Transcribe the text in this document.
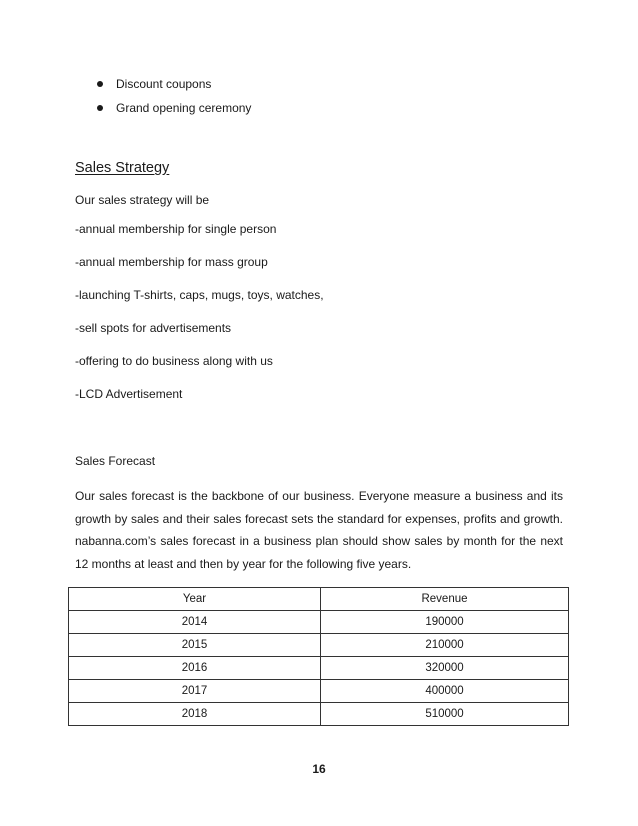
Discount coupons
Grand opening ceremony
Sales Strategy

Our sales strategy will be

-annual membership for single person

-annual membership for mass group

-launching T-shirts, caps, mugs, toys, watches,

-sell spots for advertisements

-offering to do business along with us

-LCD Advertisement

Sales Forecast

Our sales forecast is the backbone of our business. Everyone measure a business and its growth by sales and their sales forecast sets the standard for expenses, profits and growth. nabanna.com’s sales forecast in a business plan should show sales by month for the next 12 months at least and then by year for the following five years.

Year	Revenue
2014	190000
2015	210000
2016	320000
2017	400000
2018	510000

16
